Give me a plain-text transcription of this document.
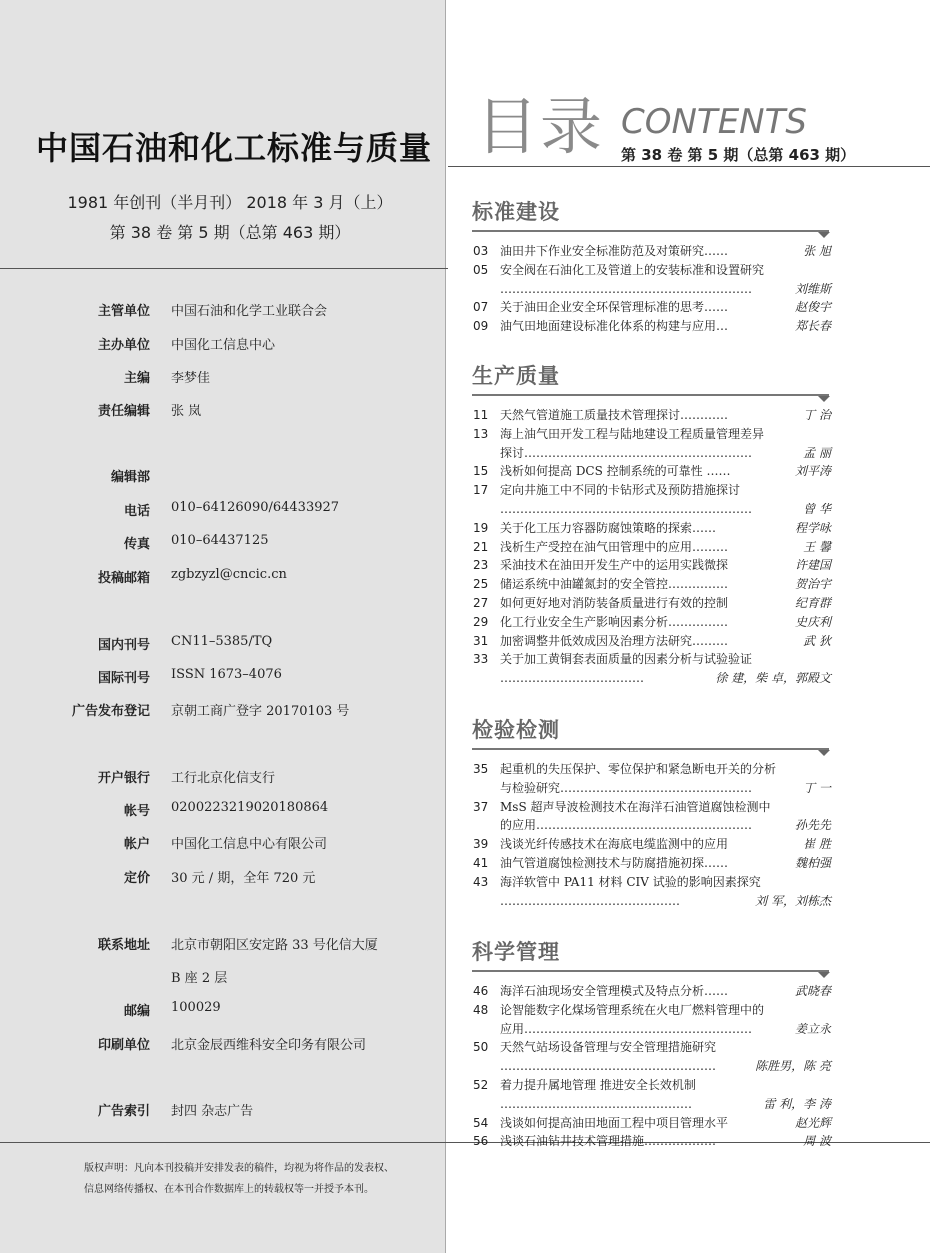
中国石油和化工标准与质量
1981 年创刊（半月刊） 2018 年 3 月（上）
第 38 卷 第 5 期（总第 463 期）
主管单位 中国石油和化学工业联合会
主办单位 中国化工信息中心
主编 李梦佳
责任编辑 张 岚
编辑部
电话 010–64126090/64433927
传真 010–64437125
投稿邮箱 zgbzyzl@cncic.cn
国内刊号 CN11–5385/TQ
国际刊号 ISSN 1673–4076
广告发布登记 京朝工商广登字 20170103 号
开户银行 工行北京化信支行
帐号 0200223219020180864
帐户 中国化工信息中心有限公司
定价 30 元 / 期，全年 720 元
联系地址 北京市朝阳区安定路 33 号化信大厦
B 座 2 层
邮编 100029
印刷单位 北京金辰西维科安全印务有限公司
广告索引 封四 杂志广告
版权声明：凡向本刊投稿并安排发表的稿件，均视为将作品的发表权、
信息网络传播权、在本刊合作数据库上的转载权等一并授予本刊。
目录 CONTENTS
第 38 卷 第 5 期（总第 463 期）
标准建设
03 油田井下作业安全标准防范及对策研究……	张 旭
05 安全阀在石油化工及管道上的安装标准和设置研究
………………………………………………………	刘维斯
07 关于油田企业安全环保管理标准的思考……	赵俊宇
09 油气田地面建设标准化体系的构建与应用…	郑长春
生产质量
11 天然气管道施工质量技术管理探讨…………	丁 治
13 海上油气田开发工程与陆地建设工程质量管理差异
探讨…………………………………………………	孟 丽
15 浅析如何提高 DCS 控制系统的可靠性 ……	刘平涛
17 定向井施工中不同的卡钻形式及预防措施探讨
………………………………………………………	曾 华
19 关于化工压力容器防腐蚀策略的探索……	程学咏
21 浅析生产受控在油气田管理中的应用………	王 馨
23 采油技术在油田开发生产中的运用实践微探	许建国
25 储运系统中油罐氮封的安全管控……………	贺治宇
27 如何更好地对消防装备质量进行有效的控制	纪育群
29 化工行业安全生产影响因素分析……………	史庆利
31 加密调整井低效成因及治理方法研究………	武 狄
33 关于加工黄铜套表面质量的因素分析与试验验证
………………………………	徐 建，柴 卓，郭殿文
检验检测
35 起重机的失压保护、零位保护和紧急断电开关的分析
与检验研究…………………………………………	丁 一
37 MsS 超声导波检测技术在海洋石油管道腐蚀检测中
的应用………………………………………………	孙先先
39 浅谈光纤传感技术在海底电缆监测中的应用	崔 胜
41 油气管道腐蚀检测技术与防腐措施初探……	魏柏强
43 海洋软管中 PA11 材料 CIV 试验的影响因素探究
………………………………………	刘 军，刘栋杰
科学管理
46 海洋石油现场安全管理模式及特点分析……	武晓春
48 论智能数字化煤场管理系统在火电厂燃料管理中的
应用…………………………………………………	姜立永
50 天然气站场设备管理与安全管理措施研究
………………………………………………	陈胜男，陈 亮
52 着力提升属地管理 推进安全长效机制
…………………………………………	雷 利，李 涛
54 浅谈如何提高油田地面工程中项目管理水平	赵光辉
56 浅谈石油钻井技术管理措施………………	周 波
